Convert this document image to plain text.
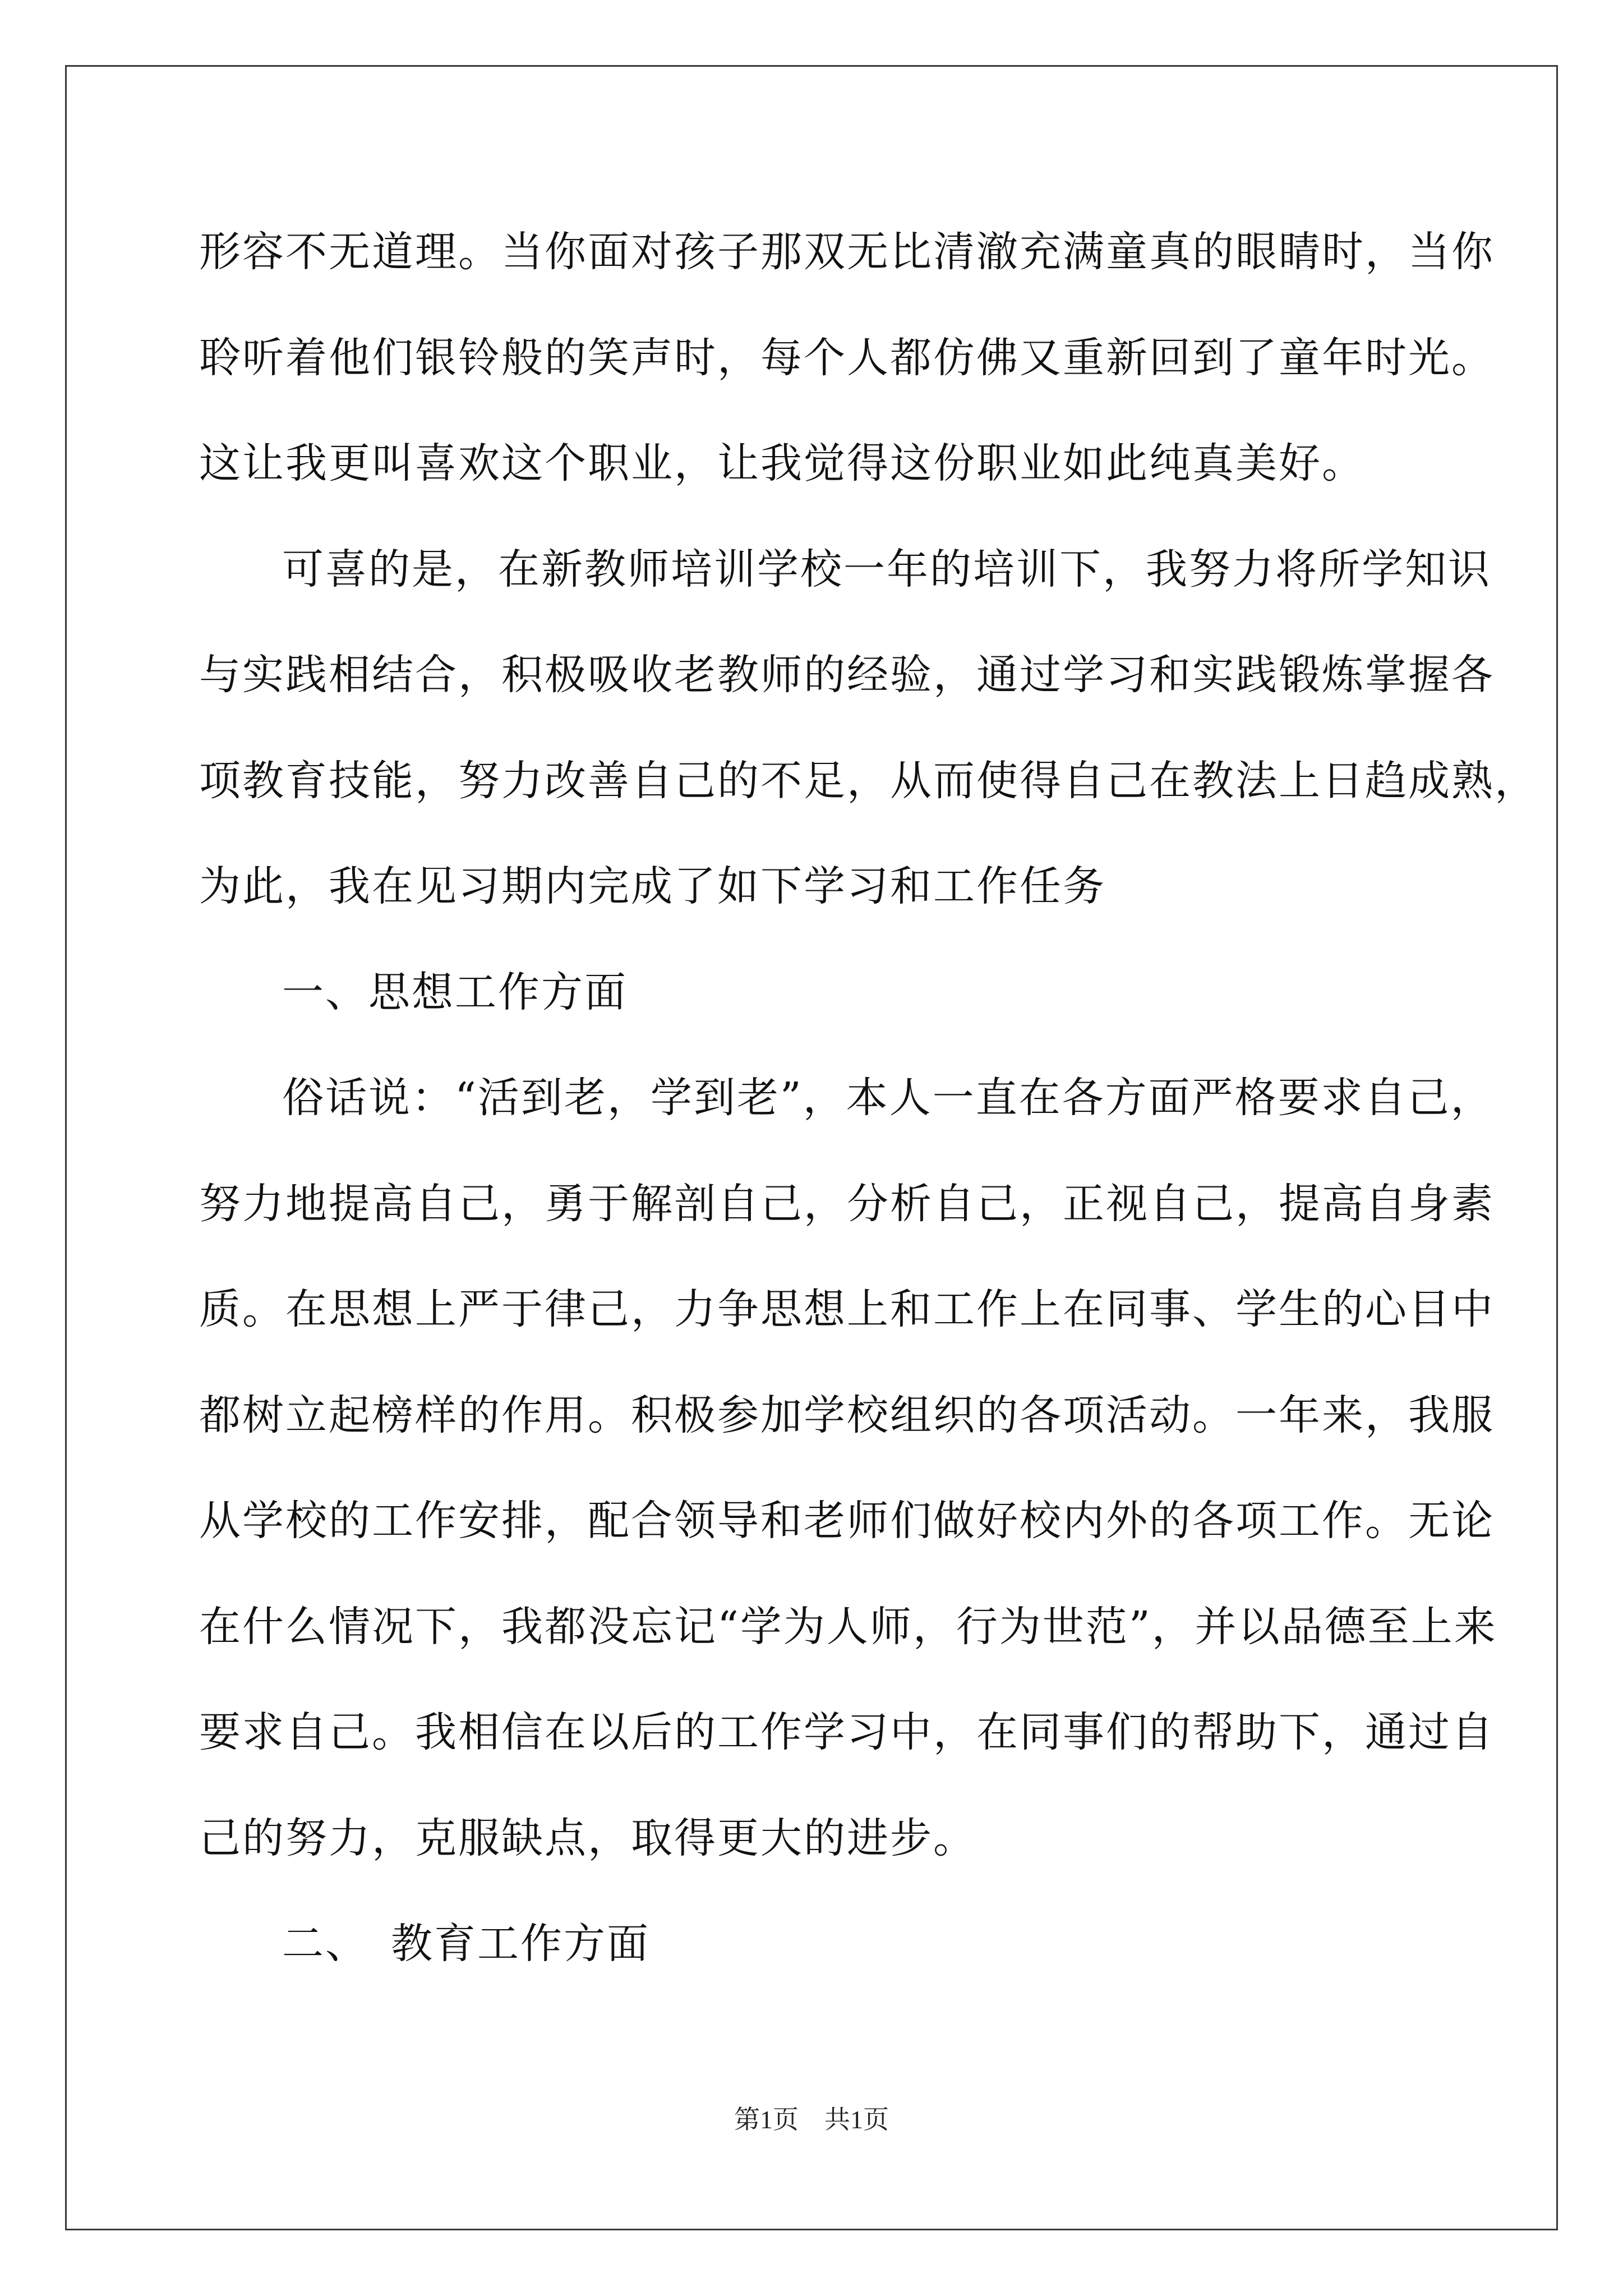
形容不无道理。当你面对孩子那双无比清澈充满童真的眼睛时，当你
聆听着他们银铃般的笑声时，每个人都仿佛又重新回到了童年时光。
这让我更叫喜欢这个职业，让我觉得这份职业如此纯真美好。
可喜的是，在新教师培训学校一年的培训下，我努力将所学知识
与实践相结合，积极吸收老教师的经验，通过学习和实践锻炼掌握各
项教育技能，努力改善自己的不足，从而使得自己在教法上日趋成熟，
为此，我在见习期内完成了如下学习和工作任务
一、思想工作方面
俗话说：“活到老，学到老”，本人一直在各方面严格要求自己，
努力地提高自己，勇于解剖自己，分析自己，正视自己，提高自身素
质。在思想上严于律己，力争思想上和工作上在同事、学生的心目中
都树立起榜样的作用。积极参加学校组织的各项活动。一年来，我服
从学校的工作安排，配合领导和老师们做好校内外的各项工作。无论
在什么情况下，我都没忘记“学为人师，行为世范”，并以品德至上来
要求自己。我相信在以后的工作学习中，在同事们的帮助下，通过自
己的努力，克服缺点，取得更大的进步。
二、　教育工作方面
第1页　共1页
